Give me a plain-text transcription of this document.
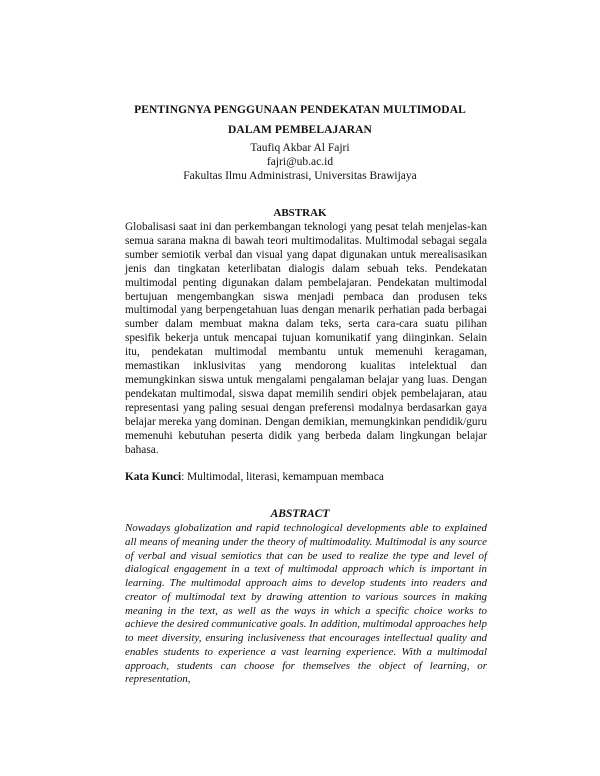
PENTINGNYA PENGGUNAAN PENDEKATAN MULTIMODAL
DALAM PEMBELAJARAN
Taufiq Akbar Al Fajri
fajri@ub.ac.id
Fakultas Ilmu Administrasi, Universitas Brawijaya
ABSTRAK
Globalisasi saat ini dan perkembangan teknologi yang pesat telah menjelas-kan semua sarana makna di bawah teori multimodalitas. Multimodal sebagai segala sumber semiotik verbal dan visual yang dapat digunakan untuk merealisasikan jenis dan tingkatan keterlibatan dialogis dalam sebuah teks. Pendekatan multimodal penting digunakan dalam pembelajaran. Pendekatan multimodal bertujuan mengembangkan siswa menjadi pembaca dan produsen teks multimodal yang berpengetahuan luas dengan menarik perhatian pada berbagai sumber dalam membuat makna dalam teks, serta cara-cara suatu pilihan spesifik bekerja untuk mencapai tujuan komunikatif yang diinginkan. Selain itu, pendekatan multimodal membantu untuk memenuhi keragaman, memastikan inklusivitas yang mendorong kualitas intelektual dan memungkinkan siswa untuk mengalami pengalaman belajar yang luas. Dengan pendekatan multimodal, siswa dapat memilih sendiri objek pembelajaran, atau representasi yang paling sesuai dengan preferensi modalnya berdasarkan gaya belajar mereka yang dominan. Dengan demikian, memungkinkan pendidik/guru memenuhi kebutuhan peserta didik yang berbeda dalam lingkungan belajar bahasa.
Kata Kunci: Multimodal, literasi, kemampuan membaca
ABSTRACT
Nowadays globalization and rapid technological developments able to explained all means of meaning under the theory of multimodality. Multimodal is any source of verbal and visual semiotics that can be used to realize the type and level of dialogical engagement in a text of multimodal approach which is important in learning. The multimodal approach aims to develop students into readers and creator of multimodal text by drawing attention to various sources in making meaning in the text, as well as the ways in which a specific choice works to achieve the desired communicative goals. In addition, multimodal approaches help to meet diversity, ensuring inclusiveness that encourages intellectual quality and enables students to experience a vast learning experience. With a multimodal approach, students can choose for themselves the object of learning, or representation,
